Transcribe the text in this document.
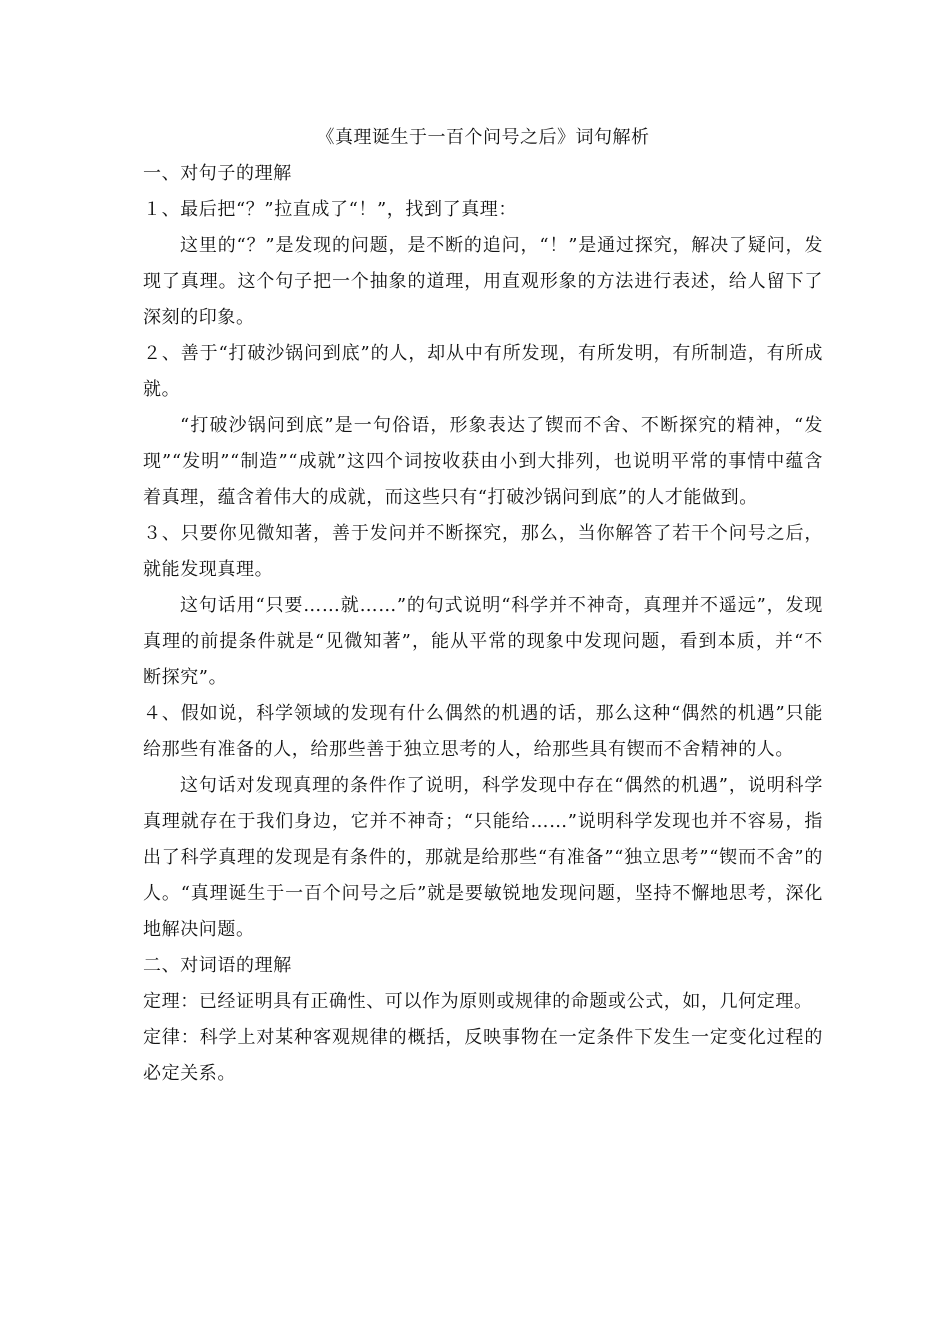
《真理诞生于一百个问号之后》词句解析

一、对句子的理解

１、最后把“？”拉直成了“！”，找到了真理：

这里的“？”是发现的问题，是不断的追问，“！”是通过探究，解决了疑问，发现了真理。这个句子把一个抽象的道理，用直观形象的方法进行表述，给人留下了深刻的印象。

２、善于“打破沙锅问到底”的人，却从中有所发现，有所发明，有所制造，有所成就。

“打破沙锅问到底”是一句俗语，形象表达了锲而不舍、不断探究的精神，“发现”“发明”“制造”“成就”这四个词按收获由小到大排列，也说明平常的事情中蕴含着真理，蕴含着伟大的成就，而这些只有“打破沙锅问到底”的人才能做到。

３、只要你见微知著，善于发问并不断探究，那么，当你解答了若干个问号之后，就能发现真理。

这句话用“只要……就……”的句式说明“科学并不神奇，真理并不遥远”，发现真理的前提条件就是“见微知著”，能从平常的现象中发现问题，看到本质，并“不断探究”。

４、假如说，科学领域的发现有什么偶然的机遇的话，那么这种“偶然的机遇”只能给那些有准备的人，给那些善于独立思考的人，给那些具有锲而不舍精神的人。

这句话对发现真理的条件作了说明，科学发现中存在“偶然的机遇”，说明科学真理就存在于我们身边，它并不神奇；“只能给……”说明科学发现也并不容易，指出了科学真理的发现是有条件的，那就是给那些“有准备”“独立思考”“锲而不舍”的人。“真理诞生于一百个问号之后”就是要敏锐地发现问题，坚持不懈地思考，深化地解决问题。

二、对词语的理解

定理：已经证明具有正确性、可以作为原则或规律的命题或公式，如，几何定理。

定律：科学上对某种客观规律的概括，反映事物在一定条件下发生一定变化过程的必定关系。
